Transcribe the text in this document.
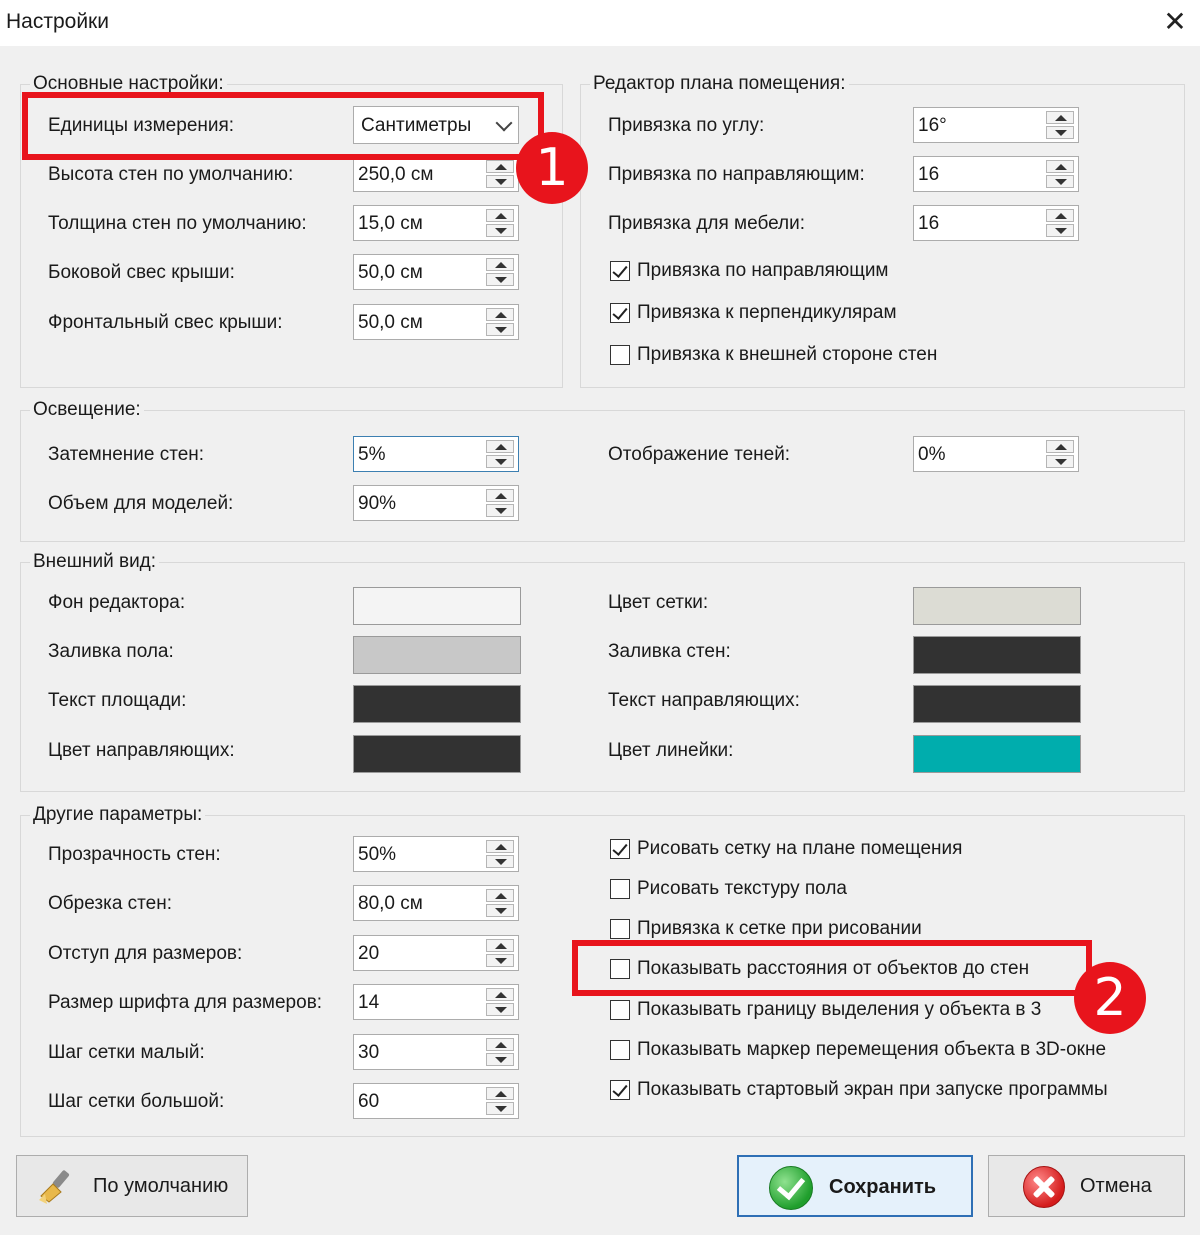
Настройки	✕
Основные настройки:
Единицы измерения:	Сантиметры
Высота стен по умолчанию:	250,0 см
Толщина стен по умолчанию:	15,0 см
Боковой свес крыши:	50,0 см
Фронтальный свес крыши:	50,0 см
Редактор плана помещения:
Привязка по углу:	16°
Привязка по направляющим:	16
Привязка для мебели:	16
Привязка по направляющим
Привязка к перпендикулярам
Привязка к внешней стороне стен
Освещение:
Затемнение стен:	5%
Объем для моделей:	90%
Отображение теней:	0%
Внешний вид:
Фон редактора:
Заливка пола:
Текст площади:
Цвет направляющих:
Цвет сетки:
Заливка стен:
Текст направляющих:
Цвет линейки:
Другие параметры:
Прозрачность стен:	50%
Обрезка стен:	80,0 см
Отступ для размеров:	20
Размер шрифта для размеров: 14
Шаг сетки малый:	30
Шаг сетки большой:	60
Рисовать сетку на плане помещения
Рисовать текстуру пола
Привязка к сетке при рисовании
Показывать расстояния от объектов до стен
Показывать границу выделения у объекта в 3
Показывать маркер перемещения объекта в 3D-окне
Показывать стартовый экран при запуске программы
1
2
По умолчанию	Сохранить	Отмена
